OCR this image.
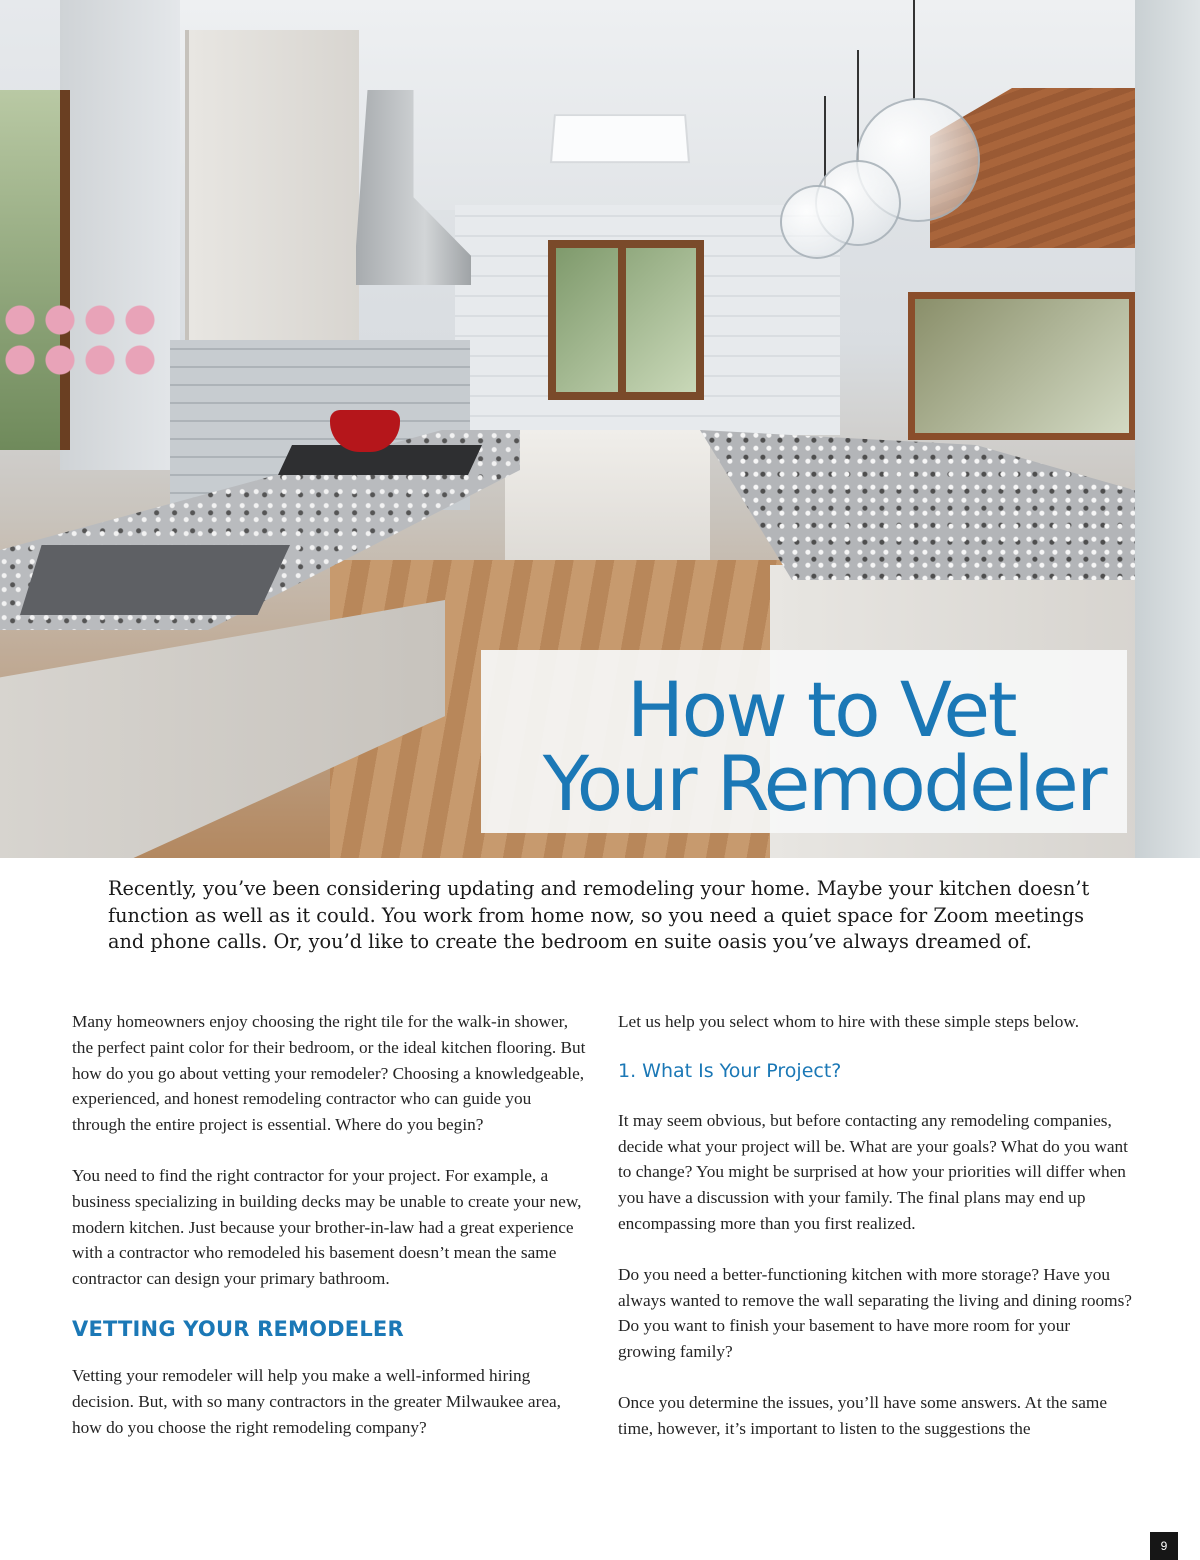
How to Vet
Your Remodeler

Recently, you’ve been considering updating and remodeling your home. Maybe your kitchen doesn’t function as well as it could. You work from home now, so you need a quiet space for Zoom meetings and phone calls. Or, you’d like to create the bedroom en suite oasis you’ve always dreamed of.

Many homeowners enjoy choosing the right tile for the walk-in shower, the perfect paint color for their bedroom, or the ideal kitchen flooring. But how do you go about vetting your remodeler? Choosing a knowledgeable, experienced, and honest remodeling contractor who can guide you through the entire project is essential. Where do you begin?

You need to find the right contractor for your project. For example, a business specializing in building decks may be unable to create your new, modern kitchen. Just because your brother-in-law had a great experience with a contractor who remodeled his basement doesn’t mean the same contractor can design your primary bathroom.

VETTING YOUR REMODELER

Vetting your remodeler will help you make a well-informed hiring decision. But, with so many contractors in the greater Milwaukee area, how do you choose the right remodeling company?

Let us help you select whom to hire with these simple steps below.

1. What Is Your Project?

It may seem obvious, but before contacting any remodeling companies, decide what your project will be. What are your goals? What do you want to change? You might be surprised at how your priorities will differ when you have a discussion with your family. The final plans may end up encompassing more than you first realized.

Do you need a better-functioning kitchen with more storage? Have you always wanted to remove the wall separating the living and dining rooms? Do you want to finish your basement to have more room for your growing family?

Once you determine the issues, you’ll have some answers. At the same time, however, it’s important to listen to the suggestions the

9
